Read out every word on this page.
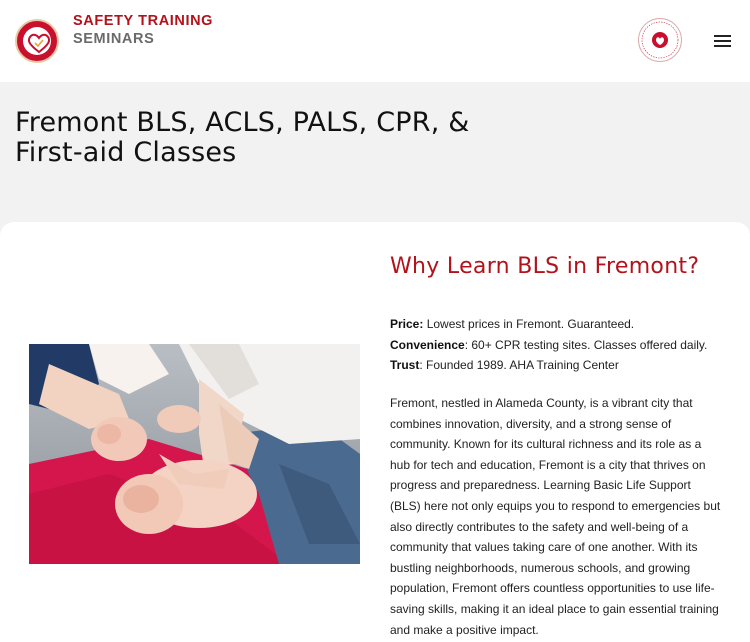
SAFETY TRAINING
SEMINARS
Fremont BLS, ACLS, PALS, CPR, &
First-aid Classes
Why Learn BLS in Fremont?
Price: Lowest prices in Fremont. Guaranteed.
Convenience: 60+ CPR testing sites. Classes offered daily.
Trust: Founded 1989. AHA Training Center

Fremont, nestled in Alameda County, is a vibrant city that combines innovation, diversity, and a strong sense of community. Known for its cultural richness and its role as a hub for tech and education, Fremont is a city that thrives on progress and preparedness. Learning Basic Life Support (BLS) here not only equips you to respond to emergencies but also directly contributes to the safety and well-being of a community that values taking care of one another. With its bustling neighborhoods, numerous schools, and growing population, Fremont offers countless opportunities to use life-saving skills, making it an ideal place to gain essential training and make a positive impact.
